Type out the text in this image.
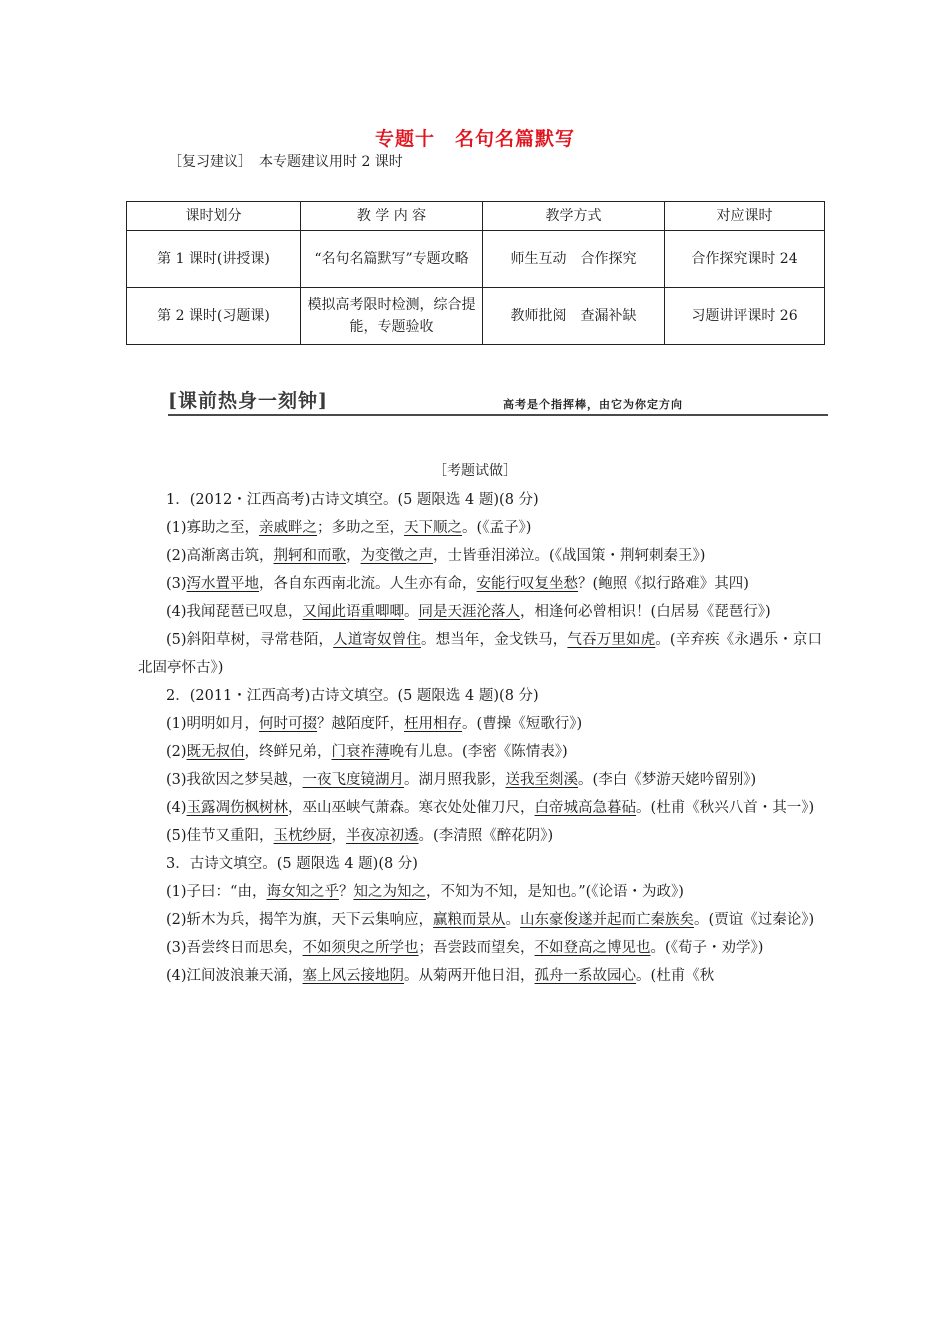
专题十　名句名篇默写
［复习建议］　本专题建议用时 2 课时
课时划分	教 学 内 容	教学方式	对应课时
第 1 课时(讲授课)	“名句名篇默写”专题攻略	师生互动　合作探究	合作探究课时 24
第 2 课时(习题课)	模拟高考限时检测，综合提能，专题验收	教师批阅　查漏补缺	习题讲评课时 26
[课前热身一刻钟]	高考是个指挥棒，由它为你定方向
［考题试做］

1．(2012・江西高考)古诗文填空。(5 题限选 4 题)(8 分)

(1)寡助之至，亲戚畔之；多助之至，天下顺之。(《孟子》)

(2)高渐离击筑，荆轲和而歌，为变徵之声，士皆垂泪涕泣。(《战国策・荆轲刺秦王》)

(3)泻水置平地，各自东西南北流。人生亦有命，安能行叹复坐愁？(鲍照《拟行路难》其四)

(4)我闻琵琶已叹息，又闻此语重唧唧。同是天涯沦落人，相逢何必曾相识！(白居易《琵琶行》)

(5)斜阳草树，寻常巷陌，人道寄奴曾住。想当年，金戈铁马，气吞万里如虎。(辛弃疾《永遇乐・京口北固亭怀古》)

2．(2011・江西高考)古诗文填空。(5 题限选 4 题)(8 分)

(1)明明如月，何时可掇？越陌度阡，枉用相存。(曹操《短歌行》)

(2)既无叔伯，终鲜兄弟，门衰祚薄晚有儿息。(李密《陈情表》)

(3)我欲因之梦吴越，一夜飞度镜湖月。湖月照我影，送我至剡溪。(李白《梦游天姥吟留别》)

(4)玉露凋伤枫树林，巫山巫峡气萧森。寒衣处处催刀尺，白帝城高急暮砧。(杜甫《秋兴八首・其一》)

(5)佳节又重阳，玉枕纱厨，半夜凉初透。(李清照《醉花阴》)

3．古诗文填空。(5 题限选 4 题)(8 分)

(1)子曰：“由，诲女知之乎？知之为知之，不知为不知，是知也。”(《论语・为政》)

(2)斩木为兵，揭竿为旗，天下云集响应，赢粮而景从。山东豪俊遂并起而亡秦族矣。(贾谊《过秦论》)

(3)吾尝终日而思矣，不如须臾之所学也；吾尝跂而望矣，不如登高之博见也。(《荀子・劝学》)

(4)江间波浪兼天涌，塞上风云接地阴。从菊两开他日泪，孤舟一系故园心。(杜甫《秋
